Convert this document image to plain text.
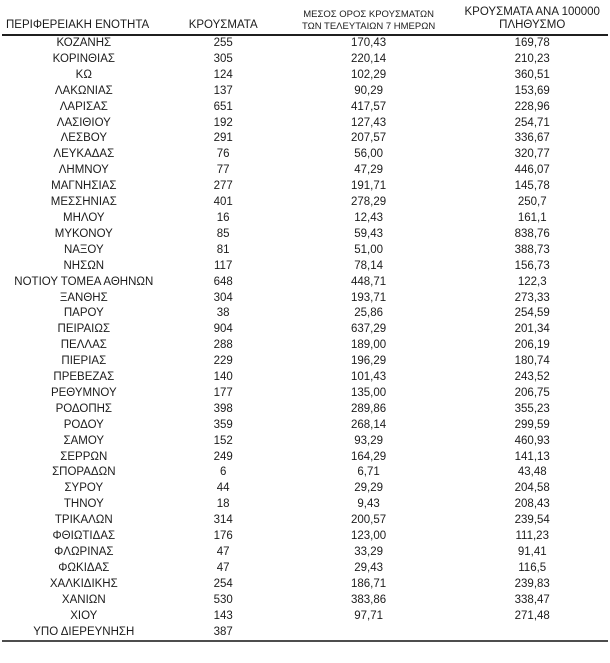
ΠΕΡΙΦΕΡΕΙΑΚΗ ΕΝΟΤΗΤΑ	ΚΡΟΥΣΜΑΤΑ	ΜΕΣΟΣ ΟΡΟΣ ΚΡΟΥΣΜΑΤΩΝ ΤΩΝ ΤΕΛΕΥΤΑΙΩΝ 7 ΗΜΕΡΩΝ	ΚΡΟΥΣΜΑΤΑ ΑΝΑ 100000 ΠΛΗΘΥΣΜΟ
ΚΟΖΑΝΗΣ	255	170,43	169,78
ΚΟΡΙΝΘΙΑΣ	305	220,14	210,23
ΚΩ	124	102,29	360,51
ΛΑΚΩΝΙΑΣ	137	90,29	153,69
ΛΑΡΙΣΑΣ	651	417,57	228,96
ΛΑΣΙΘΙΟΥ	192	127,43	254,71
ΛΕΣΒΟΥ	291	207,57	336,67
ΛΕΥΚΑΔΑΣ	76	56,00	320,77
ΛΗΜΝΟΥ	77	47,29	446,07
ΜΑΓΝΗΣΙΑΣ	277	191,71	145,78
ΜΕΣΣΗΝΙΑΣ	401	278,29	250,7
ΜΗΛΟΥ	16	12,43	161,1
ΜΥΚΟΝΟΥ	85	59,43	838,76
ΝΑΞΟΥ	81	51,00	388,73
ΝΗΣΩΝ	117	78,14	156,73
ΝΟΤΙΟΥ ΤΟΜΕΑ ΑΘΗΝΩΝ	648	448,71	122,3
ΞΑΝΘΗΣ	304	193,71	273,33
ΠΑΡΟΥ	38	25,86	254,59
ΠΕΙΡΑΙΩΣ	904	637,29	201,34
ΠΕΛΛΑΣ	288	189,00	206,19
ΠΙΕΡΙΑΣ	229	196,29	180,74
ΠΡΕΒΕΖΑΣ	140	101,43	243,52
ΡΕΘΥΜΝΟΥ	177	135,00	206,75
ΡΟΔΟΠΗΣ	398	289,86	355,23
ΡΟΔΟΥ	359	268,14	299,59
ΣΑΜΟΥ	152	93,29	460,93
ΣΕΡΡΩΝ	249	164,29	141,13
ΣΠΟΡΑΔΩΝ	6	6,71	43,48
ΣΥΡΟΥ	44	29,29	204,58
ΤΗΝΟΥ	18	9,43	208,43
ΤΡΙΚΑΛΩΝ	314	200,57	239,54
ΦΘΙΩΤΙΔΑΣ	176	123,00	111,23
ΦΛΩΡΙΝΑΣ	47	33,29	91,41
ΦΩΚΙΔΑΣ	47	29,43	116,5
ΧΑΛΚΙΔΙΚΗΣ	254	186,71	239,83
ΧΑΝΙΩΝ	530	383,86	338,47
ΧΙΟΥ	143	97,71	271,48
ΥΠΟ ΔΙΕΡΕΥΝΗΣΗ	387		
